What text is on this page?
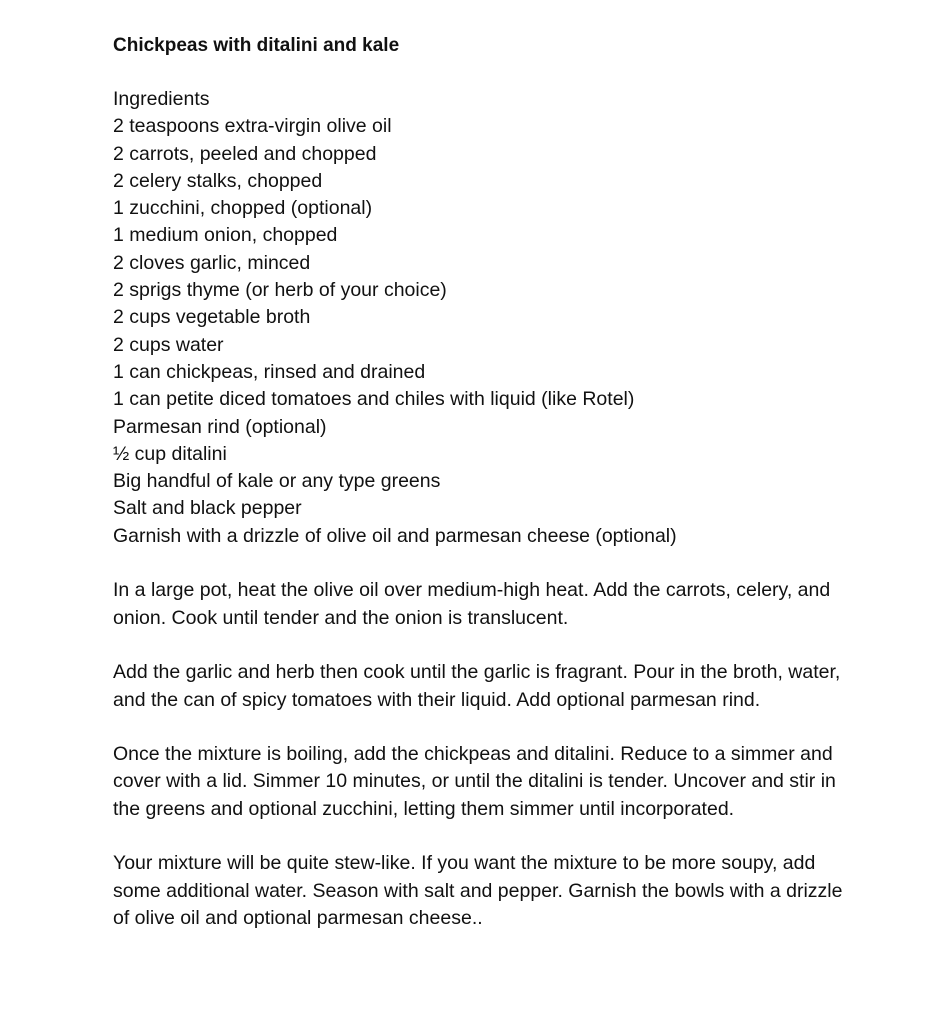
Chickpeas with ditalini and kale
Ingredients
2 teaspoons extra-virgin olive oil
2 carrots, peeled and chopped
2 celery stalks, chopped
1 zucchini, chopped (optional)
1 medium onion, chopped
2 cloves garlic, minced
2 sprigs thyme (or herb of your choice)
2 cups vegetable broth
2 cups water
1 can chickpeas, rinsed and drained
1 can petite diced tomatoes and chiles with liquid (like Rotel)
Parmesan rind (optional)
½ cup ditalini
Big handful of kale or any type greens
Salt and black pepper
Garnish with a drizzle of olive oil and parmesan cheese (optional)

In a large pot, heat the olive oil over medium-high heat. Add the carrots, celery, and onion. Cook until tender and the onion is translucent.

Add the garlic and herb then cook until the garlic is fragrant. Pour in the broth, water, and the can of spicy tomatoes with their liquid. Add optional parmesan rind.

Once the mixture is boiling, add the chickpeas and ditalini. Reduce to a simmer and cover with a lid. Simmer 10 minutes, or until the ditalini is tender. Uncover and stir in the greens and optional zucchini, letting them simmer until incorporated.

Your mixture will be quite stew-like. If you want the mixture to be more soupy, add some additional water. Season with salt and pepper. Garnish the bowls with a drizzle of olive oil and optional parmesan cheese..
